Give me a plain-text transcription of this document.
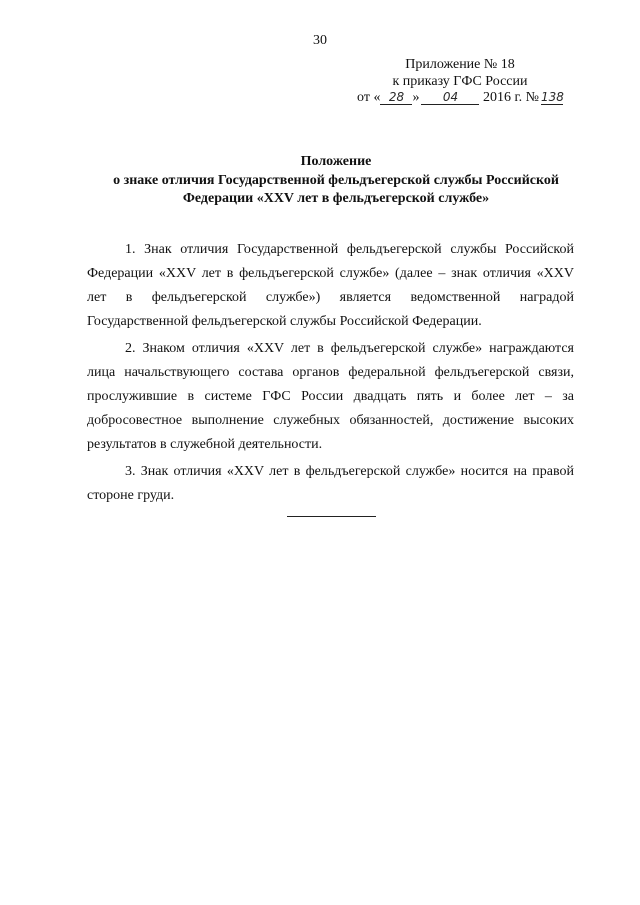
30
Приложение № 18
к приказу ГФС России
от « 28 » 04 2016 г. № 138
Положение
о знаке отличия Государственной фельдъегерской службы Российской
Федерации «XXV лет в фельдъегерской службе»

1. Знак отличия Государственной фельдъегерской службы Российской Федерации «XXV лет в фельдъегерской службе» (далее – знак отличия «XXV лет в фельдъегерской службе») является ведомственной наградой Государственной фельдъегерской службы Российской Федерации.

2. Знаком отличия «XXV лет в фельдъегерской службе» награждаются лица начальствующего состава органов федеральной фельдъегерской связи, прослужившие в системе ГФС России двадцать пять и более лет – за добросовестное выполнение служебных обязанностей, достижение высоких результатов в служебной деятельности.

3. Знак отличия «XXV лет в фельдъегерской службе» носится на правой стороне груди.
